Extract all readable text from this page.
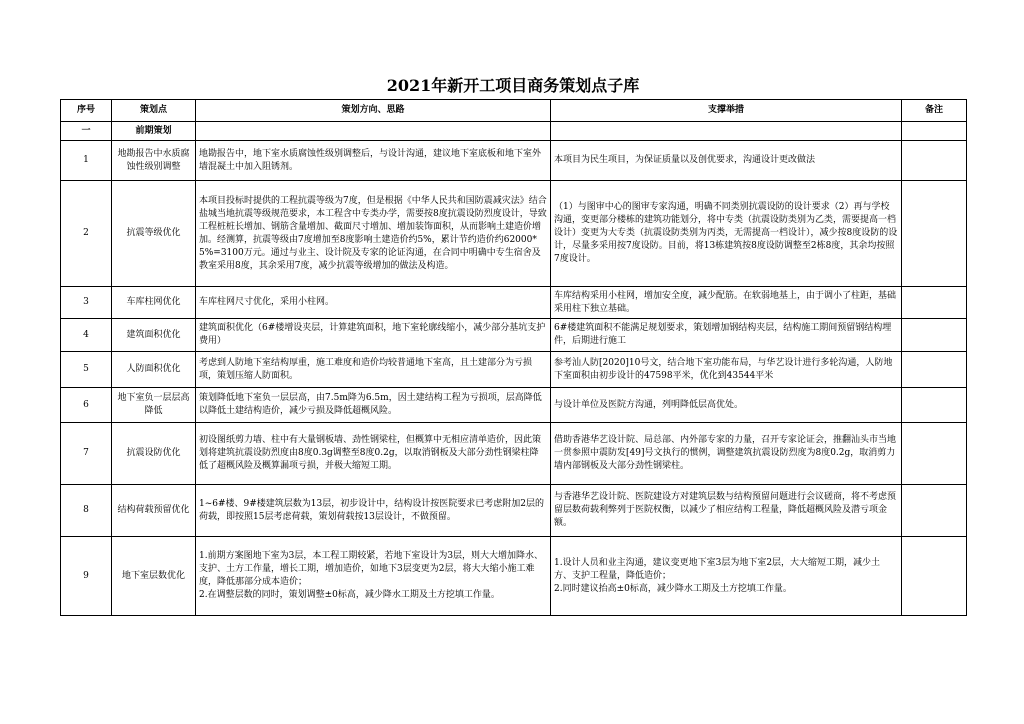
2021年新开工项目商务策划点子库
序号	策划点	策划方向、思路	支撑举措	备注
一	前期策划			
1	地勘报告中水质腐蚀性级别调整	地勘报告中，地下室水质腐蚀性级别调整后，与设计沟通，建议地下室底板和地下室外墙混凝土中加入阻锈剂。	本项目为民生项目，为保证质量以及创优要求，沟通设计更改做法	
2	抗震等级优化	本项目投标时提供的工程抗震等级为7度，但是根据《中华人民共和国防震减灾法》结合盐城当地抗震等级规范要求，本工程含中专类办学，需要按8度抗震设防烈度设计，导致工程桩桩长增加、钢筋含量增加、截面尺寸增加、增加装饰面积，从而影响土建造价增加。经测算，抗震等级由7度增加至8度影响土建造价约5%，累计节约造价约62000*5%=3100万元。通过与业主、设计院及专家的论证沟通，在合同中明确中专生宿舍及教室采用8度，其余采用7度，减少抗震等级增加的做法及构造。	（1）与图审中心的图审专家沟通，明确不同类别抗震设防的设计要求（2）再与学校沟通，变更部分楼栋的建筑功能划分，将中专类（抗震设防类别为乙类，需要提高一档设计）变更为大专类（抗震设防类别为丙类，无需提高一档设计），减少按8度设防的设计，尽量多采用按7度设防。目前，将13栋建筑按8度设防调整至2栋8度，其余均按照7度设计。	
3	车库柱网优化	车库柱网尺寸优化，采用小柱网。	车库结构采用小柱网，增加安全度，减少配筋。在软弱地基上，由于调小了柱距，基础采用柱下独立基础。	
4	建筑面积优化	建筑面积优化（6#楼增设夹层，计算建筑面积，地下室轮廓线缩小，减少部分基坑支护费用）	6#楼建筑面积不能满足规划要求，策划增加钢结构夹层，结构施工期间预留钢结构埋件，后期进行施工	
5	人防面积优化	考虑到人防地下室结构厚重，施工难度和造价均较普通地下室高，且土建部分为亏损项，策划压缩人防面积。	参考汕人防[2020]10号文，结合地下室功能布局，与华艺设计进行多轮沟通，人防地下室面积由初步设计的47598平米，优化到43544平米	
6	地下室负一层层高降低	策划降低地下室负一层层高，由7.5m降为6.5m，因土建结构工程为亏损项，层高降低以降低土建结构造价，减少亏损及降低超概风险。	与设计单位及医院方沟通，列明降低层高优处。	
7	抗震设防优化	初设图纸剪力墙、柱中有大量钢板墙、劲性钢梁柱，但概算中无相应清单造价，因此策划将建筑抗震设防烈度由8度0.3g调整至8度0.2g，以取消钢板及大部分劲性钢梁柱降低了超概风险及概算漏项亏损，并极大缩短工期。	借助香港华艺设计院、局总部、内外部专家的力量，召开专家论证会，推翻汕头市当地一贯参照中震防发[49]号文执行的惯例，调整建筑抗震设防烈度为8度0.2g，取消剪力墙内部钢板及大部分劲性钢梁柱。	
8	结构荷载预留优化	1~6#楼、9#楼建筑层数为13层，初步设计中，结构设计按医院要求已考虑附加2层的荷载，即按照15层考虑荷载，策划荷载按13层设计，不做预留。	与香港华艺设计院、医院建设方对建筑层数与结构预留问题进行会议磋商，将不考虑预留层数荷载利弊列于医院权衡，以减少了相应结构工程量，降低超概风险及潜亏项金额。	
9	地下室层数优化	1.前期方案图地下室为3层，本工程工期较紧，若地下室设计为3层，则大大增加降水、支护、土方工作量，增长工期，增加造价，如地下3层变更为2层，将大大缩小施工难度，降低那部分成本造价；
2.在调整层数的同时，策划调整±0标高，减少降水工期及土方挖填工作量。	1.设计人员和业主沟通，建议变更地下室3层为地下室2层，大大缩短工期，减少土方、支护工程量，降低造价；
2.同时建议抬高±0标高，减少降水工期及土方挖填工作量。	
